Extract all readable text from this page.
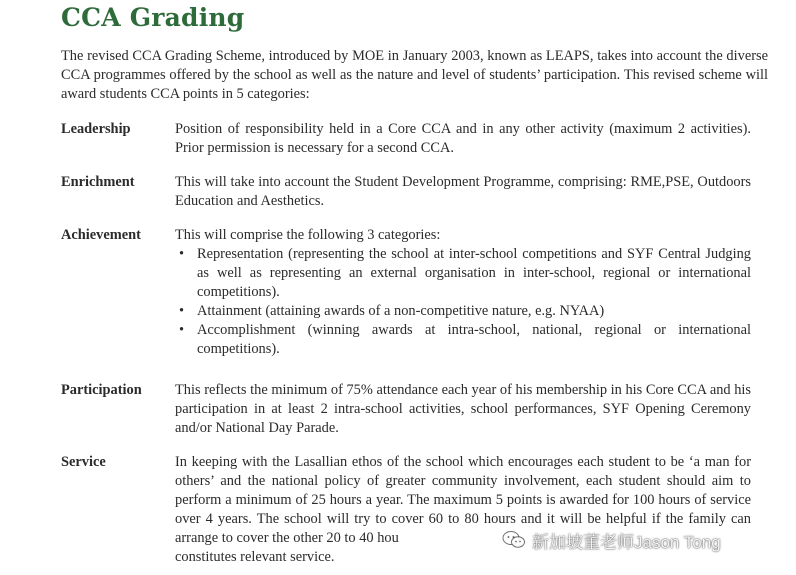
CCA Grading
The revised CCA Grading Scheme, introduced by MOE in January 2003, known as LEAPS, takes into account the diverse CCA programmes offered by the school as well as the nature and level of students’ participation. This revised scheme will award students CCA points in 5 categories:
Leadership	Position of responsibility held in a Core CCA and in any other activity (maximum 2 activities). Prior permission is necessary for a second CCA.
Enrichment	This will take into account the Student Development Programme, comprising: RME,PSE, Outdoors Education and Aesthetics.
Achievement	This will comprise the following 3 categories:
• Representation (representing the school at inter-school competitions and SYF Central Judging as well as representing an external organisation in inter-school, regional or international competitions).
• Attainment (attaining awards of a non-competitive nature, e.g. NYAA)
• Accomplishment (winning awards at intra-school, national, regional or international competitions).
Participation	This reflects the minimum of 75% attendance each year of his membership in his Core CCA and his participation in at least 2 intra-school activities, school performances, SYF Opening Ceremony and/or National Day Parade.
Service	In keeping with the Lasallian ethos of the school which encourages each student to be ‘a man for others’ and the national policy of greater community involvement, each student should aim to perform a minimum of 25 hours a year. The maximum 5 points is awarded for 100 hours of service over 4 years. The school will try to cover 60 to 80 hours and it will be helpful if the family can arrange to cover the other 20 to 40 hou
constitutes relevant service.
新加坡董老师Jason Tong
